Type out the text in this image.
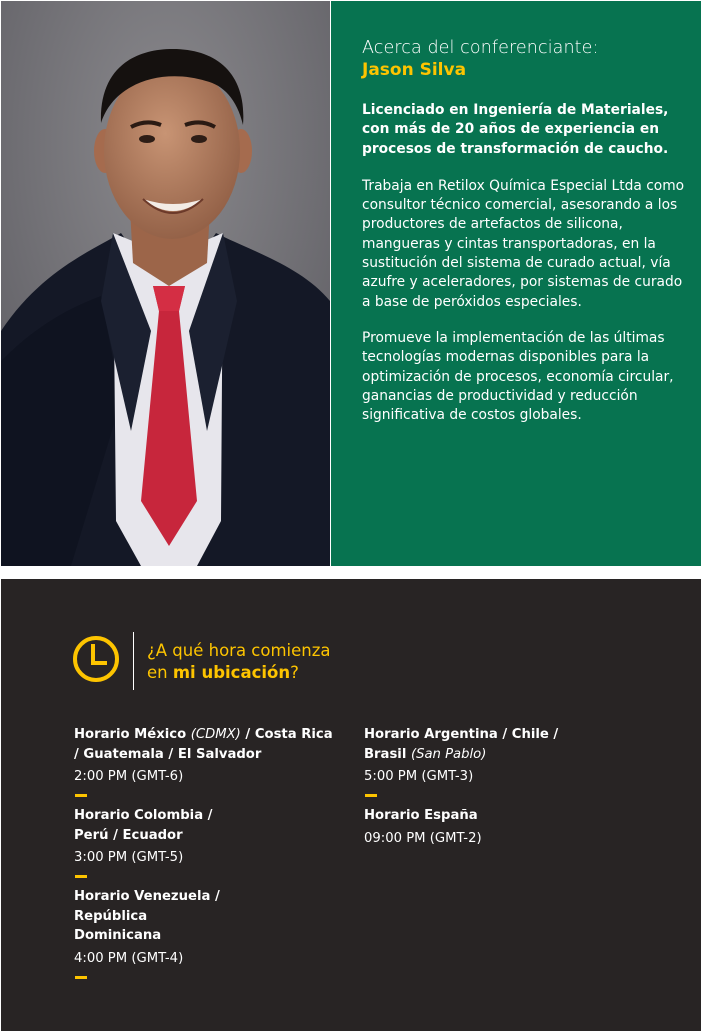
Acerca del conferenciante:

Jason Silva

Licenciado en Ingeniería de Materiales, con más de 20 años de experiencia en procesos de transformación de caucho.

Trabaja en Retilox Química Especial Ltda como consultor técnico comercial, asesorando a los productores de artefactos de silicona, mangueras y cintas transportadoras, en la sustitución del sistema de curado actual, vía azufre y aceleradores, por sistemas de curado a base de peróxidos especiales.

Promueve la implementación de las últimas tecnologías modernas disponibles para la optimización de procesos, economía circular, ganancias de productividad y reducción significativa de costos globales.

¿A qué hora comienza
en mi ubicación?
Horario México (CDMX) / Costa Rica / Guatemala / El Salvador
2:00 PM (GMT-6)
Horario Colombia / Perú / Ecuador
3:00 PM (GMT-5)
Horario Venezuela / República Dominicana
4:00 PM (GMT-4)
Horario Argentina / Chile / Brasil (San Pablo)
5:00 PM (GMT-3)
Horario España
09:00 PM (GMT-2)
